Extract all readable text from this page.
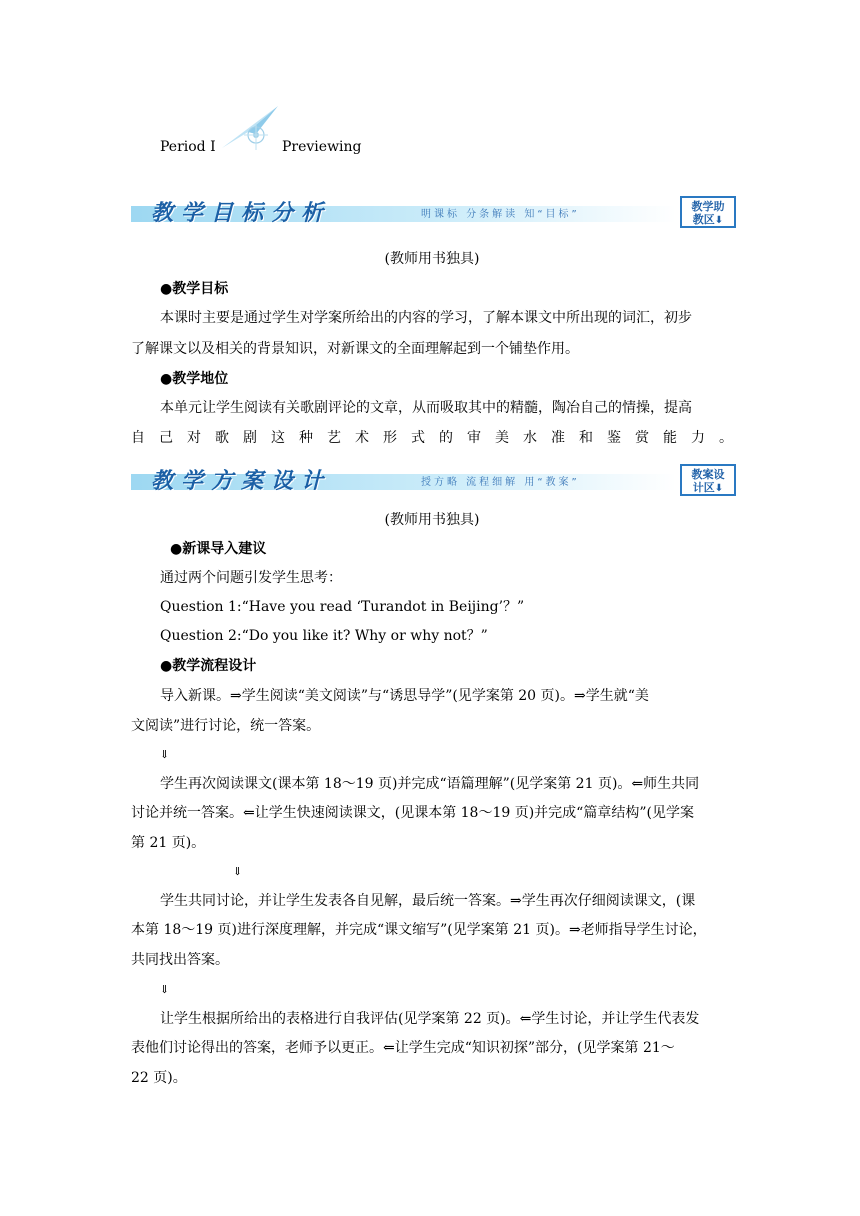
Period Ⅰ	Previewing
教学目标分析	明课标 分条解读 知“目标”
教学助
教区⬇
(教师用书独具)
●教学目标
本课时主要是通过学生对学案所给出的内容的学习，了解本课文中所出现的词汇，初步
了解课文以及相关的背景知识，对新课文的全面理解起到一个铺垫作用。
●教学地位
本单元让学生阅读有关歌剧评论的文章，从而吸取其中的精髓，陶冶自己的情操，提高
自己对歌剧这种艺术形式的审美水准和鉴赏能力。
教学方案设计	授方略 流程细解 用“教案”
教案设
计区⬇
(教师用书独具)
●新课导入建议
通过两个问题引发学生思考：
Question 1:“Have you read ‘Turandot in Beijing’？”
Question 2:“Do you like it? Why or why not？”
●教学流程设计
导入新课。⇒学生阅读“美文阅读”与“诱思导学”(见学案第 20 页)。⇒学生就“美
文阅读”进行讨论，统一答案。
⇓
学生再次阅读课文(课本第 18～19 页)并完成“语篇理解”(见学案第 21 页)。⇐师生共同
讨论并统一答案。⇐让学生快速阅读课文，(见课本第 18～19 页)并完成“篇章结构”(见学案
第 21 页)。
⇓
学生共同讨论，并让学生发表各自见解，最后统一答案。⇒学生再次仔细阅读课文，(课
本第 18～19 页)进行深度理解，并完成“课文缩写”(见学案第 21 页)。⇒老师指导学生讨论，
共同找出答案。
⇓
让学生根据所给出的表格进行自我评估(见学案第 22 页)。⇐学生讨论，并让学生代表发
表他们讨论得出的答案，老师予以更正。⇐让学生完成“知识初探”部分，(见学案第 21～
22 页)。
